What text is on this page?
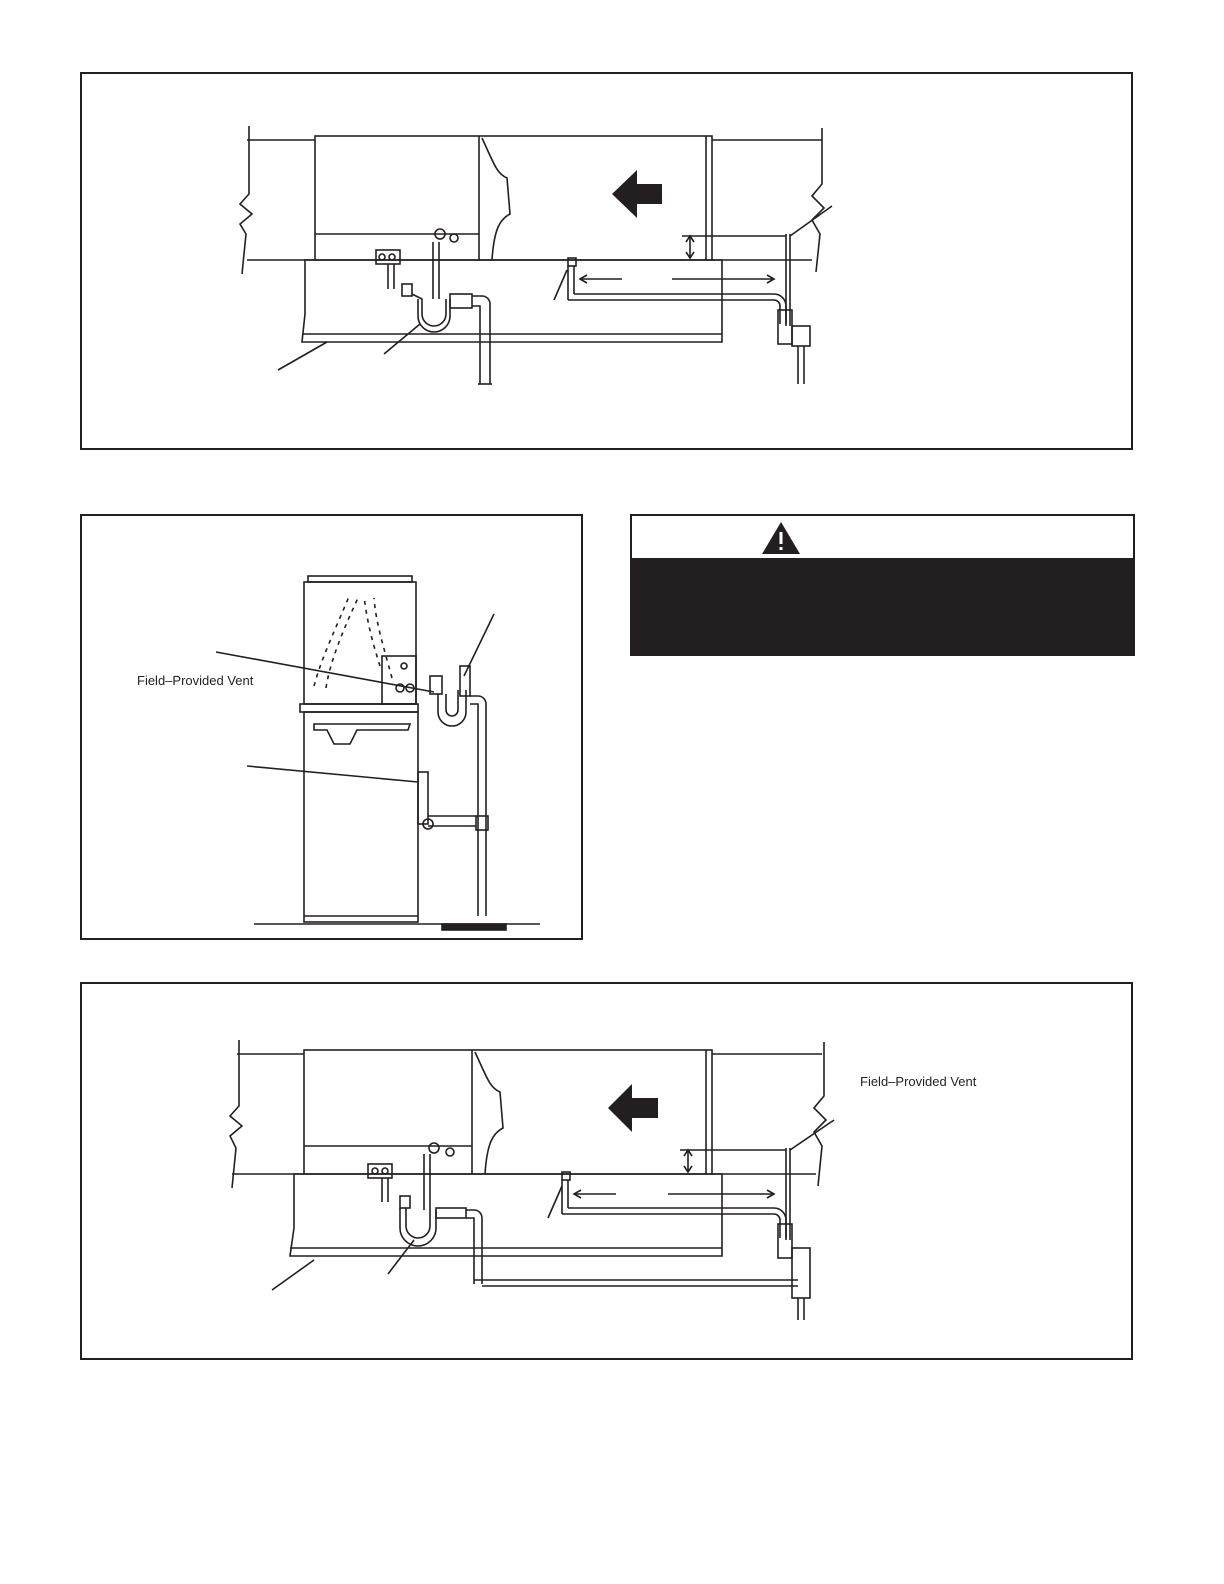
Field–Provided Vent
Field–Provided Vent
